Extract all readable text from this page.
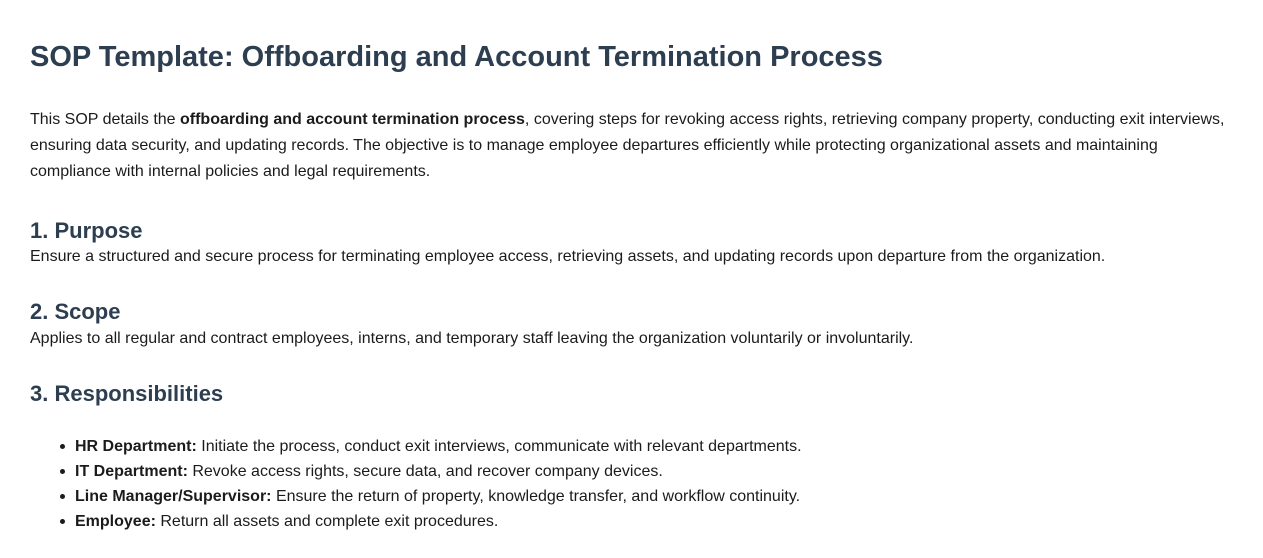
SOP Template: Offboarding and Account Termination Process

This SOP details the offboarding and account termination process, covering steps for revoking access rights, retrieving company property, conducting exit interviews, ensuring data security, and updating records. The objective is to manage employee departures efficiently while protecting organizational assets and maintaining compliance with internal policies and legal requirements.

1. Purpose

Ensure a structured and secure process for terminating employee access, retrieving assets, and updating records upon departure from the organization.

2. Scope

Applies to all regular and contract employees, interns, and temporary staff leaving the organization voluntarily or involuntarily.

3. Responsibilities
HR Department: Initiate the process, conduct exit interviews, communicate with relevant departments.
IT Department: Revoke access rights, secure data, and recover company devices.
Line Manager/Supervisor: Ensure the return of property, knowledge transfer, and workflow continuity.
Employee: Return all assets and complete exit procedures.
